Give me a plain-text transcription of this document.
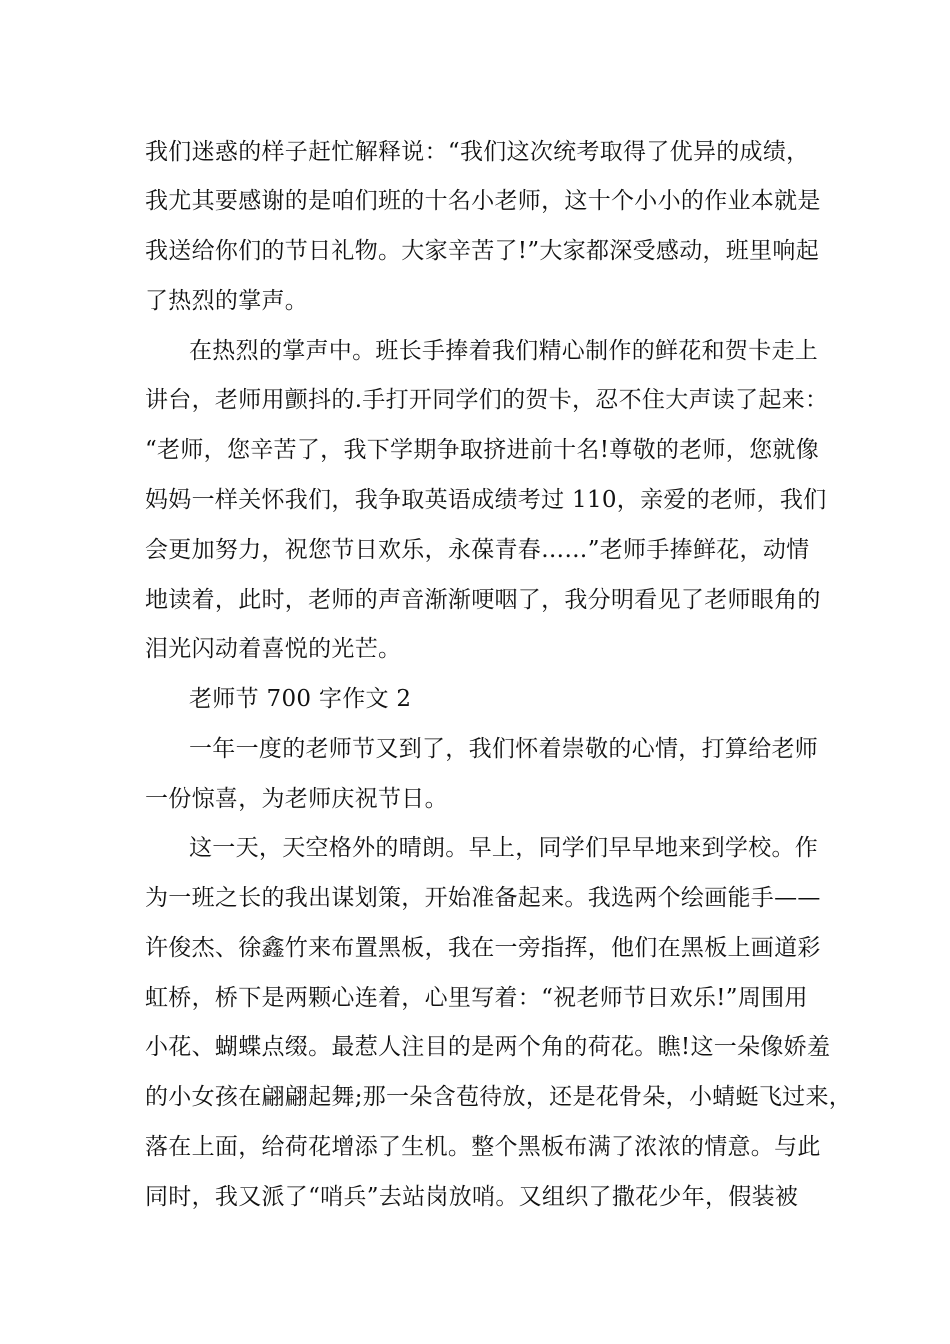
我们迷惑的样子赶忙解释说：“我们这次统考取得了优异的成绩，
我尤其要感谢的是咱们班的十名小老师，这十个小小的作业本就是
我送给你们的节日礼物。大家辛苦了!”大家都深受感动，班里响起
了热烈的掌声。
在热烈的掌声中。班长手捧着我们精心制作的鲜花和贺卡走上
讲台，老师用颤抖的.手打开同学们的贺卡，忍不住大声读了起来：
“老师，您辛苦了，我下学期争取挤进前十名!尊敬的老师，您就像
妈妈一样关怀我们，我争取英语成绩考过 110，亲爱的老师，我们
会更加努力，祝您节日欢乐，永葆青春……”老师手捧鲜花，动情
地读着，此时，老师的声音渐渐哽咽了，我分明看见了老师眼角的
泪光闪动着喜悦的光芒。
老师节 700 字作文 2
一年一度的老师节又到了，我们怀着崇敬的心情，打算给老师
一份惊喜，为老师庆祝节日。
这一天，天空格外的晴朗。早上，同学们早早地来到学校。作
为一班之长的我出谋划策，开始准备起来。我选两个绘画能手——
许俊杰、徐鑫竹来布置黑板，我在一旁指挥，他们在黑板上画道彩
虹桥，桥下是两颗心连着，心里写着：“祝老师节日欢乐!”周围用
小花、蝴蝶点缀。最惹人注目的是两个角的荷花。瞧!这一朵像娇羞
的小女孩在翩翩起舞;那一朵含苞待放，还是花骨朵，小蜻蜓飞过来，
落在上面，给荷花增添了生机。整个黑板布满了浓浓的情意。与此
同时，我又派了“哨兵”去站岗放哨。又组织了撒花少年，假装被
